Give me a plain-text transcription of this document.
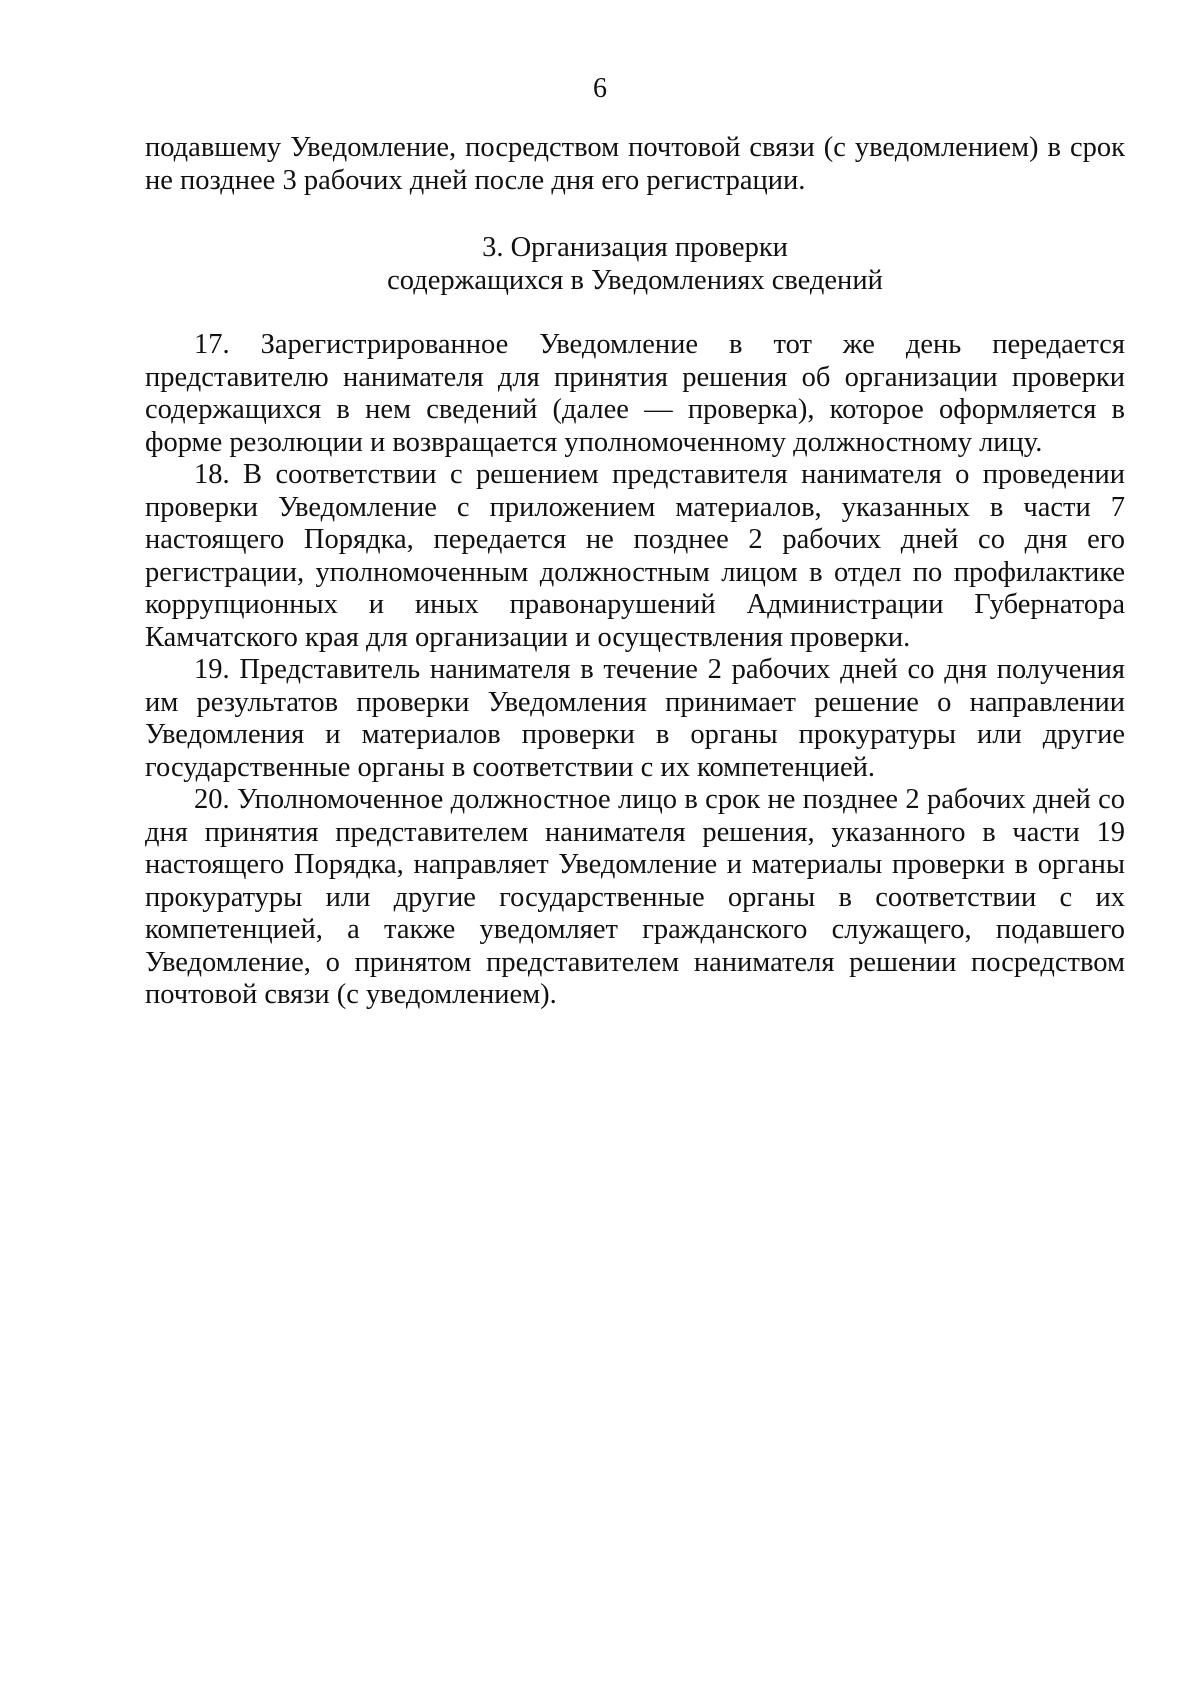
6

подавшему Уведомление, посредством почтовой связи (с уведомлением) в срок не позднее 3 рабочих дней после дня его регистрации.

3. Организация проверки
содержащихся в Уведомлениях сведений

17. Зарегистрированное Уведомление в тот же день передается представителю нанимателя для принятия решения об организации проверки содержащихся в нем сведений (далее — проверка), которое оформляется в форме резолюции и возвращается уполномоченному должностному лицу.

18. В соответствии с решением представителя нанимателя о проведении проверки Уведомление с приложением материалов, указанных в части 7 настоящего Порядка, передается не позднее 2 рабочих дней со дня его регистрации, уполномоченным должностным лицом в отдел по профилактике коррупционных и иных правонарушений Администрации Губернатора Камчатского края для организации и осуществления проверки.

19. Представитель нанимателя в течение 2 рабочих дней со дня получения им результатов проверки Уведомления принимает решение о направлении Уведомления и материалов проверки в органы прокуратуры или другие государственные органы в соответствии с их компетенцией.

20. Уполномоченное должностное лицо в срок не позднее 2 рабочих дней со дня принятия представителем нанимателя решения, указанного в части 19 настоящего Порядка, направляет Уведомление и материалы проверки в органы прокуратуры или другие государственные органы в соответствии с их компетенцией, а также уведомляет гражданского служащего, подавшего Уведомление, о принятом представителем нанимателя решении посредством почтовой связи (с уведомлением).
